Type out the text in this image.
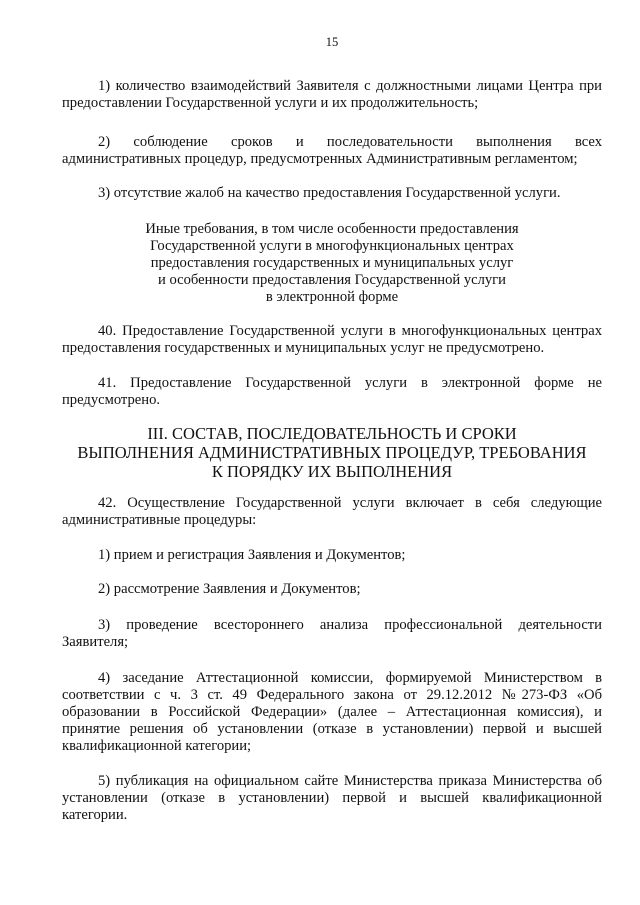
15
1) количество взаимодействий Заявителя с должностными лицами Центра при предоставлении Государственной услуги и их продолжительность;
2) соблюдение сроков и последовательности выполнения всех административных процедур, предусмотренных Административным регламентом;
3) отсутствие жалоб на качество предоставления Государственной услуги.
Иные требования, в том числе особенности предоставления
Государственной услуги в многофункциональных центрах
предоставления государственных и муниципальных услуг
и особенности предоставления Государственной услуги
в электронной форме
40. Предоставление Государственной услуги в многофункциональных центрах предоставления государственных и муниципальных услуг не предусмотрено.
41. Предоставление Государственной услуги в электронной форме не предусмотрено.
III. СОСТАВ, ПОСЛЕДОВАТЕЛЬНОСТЬ И СРОКИ
ВЫПОЛНЕНИЯ АДМИНИСТРАТИВНЫХ ПРОЦЕДУР, ТРЕБОВАНИЯ
К ПОРЯДКУ ИХ ВЫПОЛНЕНИЯ
42. Осуществление Государственной услуги включает в себя следующие административные процедуры:
1) прием и регистрация Заявления и Документов;
2) рассмотрение Заявления и Документов;
3) проведение всестороннего анализа профессиональной деятельности Заявителя;
4) заседание Аттестационной комиссии, формируемой Министерством в соответствии с ч. 3 ст. 49 Федерального закона от 29.12.2012 №273-ФЗ «Об образовании в Российской Федерации» (далее – Аттестационная комиссия), и принятие решения об установлении (отказе в установлении) первой и высшей квалификационной категории;
5) публикация на официальном сайте Министерства приказа Министерства об установлении (отказе в установлении) первой и высшей квалификационной категории.
